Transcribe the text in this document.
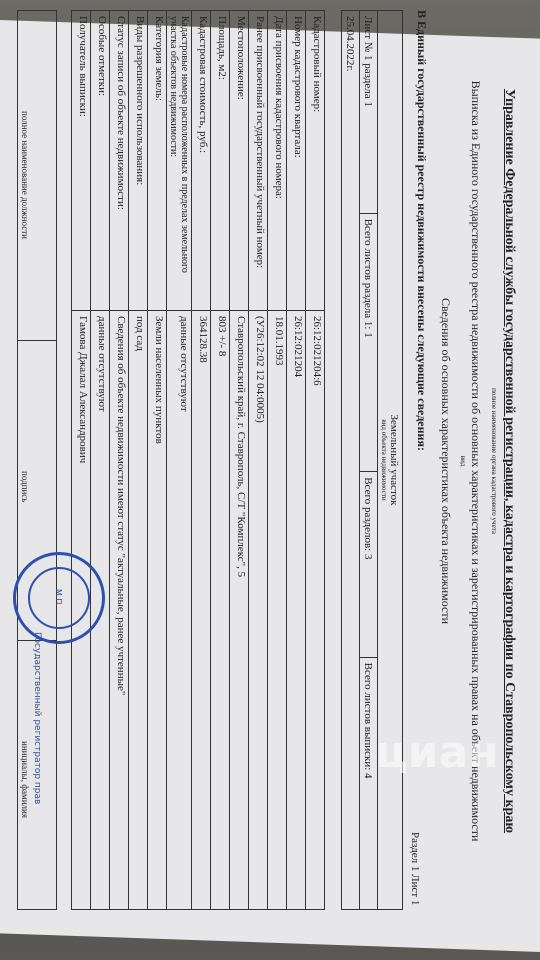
Управление Федеральной службы государственной регистрации, кадастра и картографии по Ставропольскому краю
полное наименование органа кадастрового учета
Выписка из Единого государственного реестра недвижимости об основных характеристиках и зарегистрированных правах на объект недвижимости
вид
Сведения об основных характеристиках объекта недвижимости
В Единый государственный реестр недвижимости внесены следующие сведения:
Раздел 1 Лист 1
Земельный участок
вид объекта недвижимости

Лист № 1 раздела 1	Всего листов раздела 1: 1	Всего разделов: 3	Всего листов выписки: 4
25.04.2022г.
Кадастровый номер:	26:12:021204:6
Номер кадастрового квартала:	26:12:021204
Дата присвоения кадастрового номера:	18.01.1993
Ранее присвоенный государственный учетный номер:	(У26:12:02 12 04:0005)
Местоположение:	Ставропольский край, г. Ставрополь, С/Т "Комплекс", 5
Площадь, м2:	803 +/- 8
Кадастровая стоимость, руб.:	364128.38
Кадастровые номера расположенных в пределах земельного участка объектов недвижимости:	данные отсутствуют
Категория земель:	Земли населенных пунктов
Виды разрешенного использования:	под сад
Статус записи об объекте недвижимости:	Сведения об объекте недвижимости имеют статус "актуальные, ранее учтенные"
Особые отметки:	данные отсутствуют
Получатель выписки:	Гамова Джалал Александрович
полное наименование должности
подпись
инициалы, фамилия
М.П.
Государственный регистратор прав	циан
